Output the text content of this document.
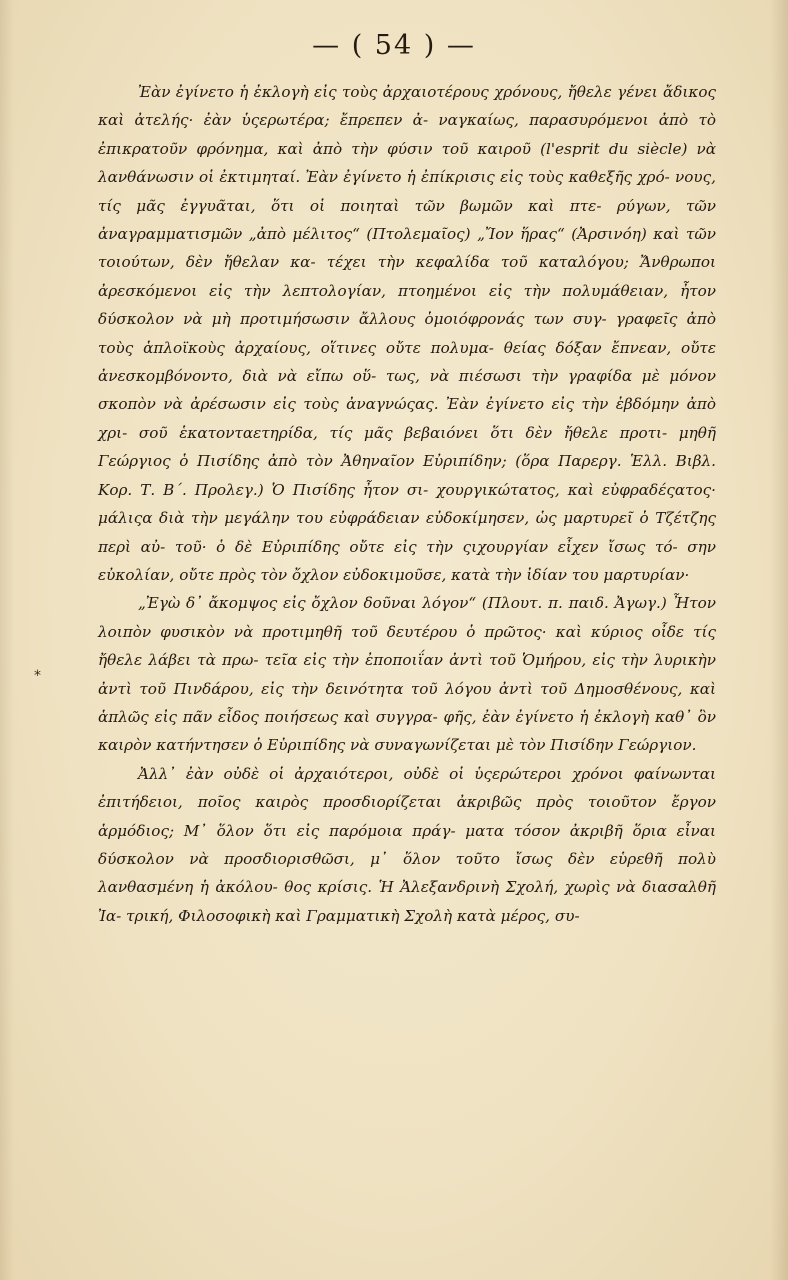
— ( 54 ) —
*

Ἐὰν ἐγίνετο ἡ ἐκλογὴ εἰς τοὺς ἀρχαιοτέρους χρόνους, ἤθελε γένει ἄδικος καὶ ἀτελής· ἐὰν ὑςερωτέρα; ἔπρεπεν ἀ- ναγκαίως, παρασυρόμενοι ἀπὸ τὸ ἐπικρατοῦν φρόνημα, καὶ ἀπὸ τὴν φύσιν τοῦ καιροῦ (l'esprit du siècle) νὰ λανθάνωσιν οἱ ἐκτιμηταί. Ἐὰν ἐγίνετο ἡ ἐπίκρισις εἰς τοὺς καθεξῆς χρό- νους, τίς μᾶς ἐγγυᾶται, ὅτι οἱ ποιηταὶ τῶν βωμῶν καὶ πτε- ρύγων, τῶν ἀναγραμματισμῶν „ἀπὸ μέλιτος“ (Πτολεμαῖος) „Ἴον ἥρας“ (Ἀρσινόη) καὶ τῶν τοιούτων, δὲν ἤθελαν κα- τέχει τὴν κεφαλίδα τοῦ καταλόγου; Ἄνθρωποι ἀρεσκόμενοι εἰς τὴν λεπτολογίαν, πτοημένοι εἰς τὴν πολυμάθειαν, ἦτον δύσκολον νὰ μὴ προτιμήσωσιν ἄλλους ὁμοιόφρονάς των συγ- γραφεῖς ἀπὸ τοὺς ἁπλοϊκοὺς ἀρχαίους, οἵτινες οὔτε πολυμα- θείας δόξαν ἔπνεαν, οὔτε ἀνεσκομβόνοντο, διὰ νὰ εἴπω οὕ- τως, νὰ πιέσωσι τὴν γραφίδα μὲ μόνον σκοπὸν νὰ ἀρέσωσιν εἰς τοὺς ἀναγνώςας. Ἐὰν ἐγίνετο εἰς τὴν ἑβδόμην ἀπὸ χρι- σοῦ ἑκατονταετηρίδα, τίς μᾶς βεβαιόνει ὅτι δὲν ἤθελε προτι- μηθῆ Γεώργιος ὁ Πισίδης ἀπὸ τὸν Ἀθηναῖον Εὐριπίδην; (ὅρα Παρεργ. Ἑλλ. Βιβλ. Κορ. Τ. Β΄. Προλεγ.) Ὁ Πισίδης ἦτον σι- χουργικώτατος, καὶ εὐφραδέςατος· μάλιςα διὰ τὴν μεγάλην του εὐφράδειαν εὐδοκίμησεν, ὡς μαρτυρεῖ ὁ Τζέτζης περὶ αὐ- τοῦ· ὁ δὲ Εὐριπίδης οὔτε εἰς τὴν ςιχουργίαν εἶχεν ἴσως τό- σην εὐκολίαν, οὔτε πρὸς τὸν ὄχλον εὐδοκιμοῦσε, κατὰ τὴν ἰδίαν του μαρτυρίαν·

„Ἐγὼ δ᾽ ἄκομψος εἰς ὄχλον δοῦναι λόγον“ (Πλουτ. π. παιδ. Ἀγωγ.) Ἦτον λοιπὸν φυσικὸν νὰ προτιμηθῆ τοῦ δευτέρου ὁ πρῶτος· καὶ κύριος οἶδε τίς ἤθελε λάβει τὰ πρω- τεῖα εἰς τὴν ἐποποιΐαν ἀντὶ τοῦ Ὁμήρου, εἰς τὴν λυρικὴν ἀντὶ τοῦ Πινδάρου, εἰς τὴν δεινότητα τοῦ λόγου ἀντὶ τοῦ Δημοσθένους, καὶ ἁπλῶς εἰς πᾶν εἶδος ποιήσεως καὶ συγγρα- φῆς, ἐὰν ἐγίνετο ἡ ἐκλογὴ καθ᾽ ὃν καιρὸν κατήντησεν ὁ Εὐριπίδης νὰ συναγωνίζεται μὲ τὸν Πισίδην Γεώργιον.

Ἀλλ᾽ ἐὰν οὐδὲ οἱ ἀρχαιότεροι, οὐδὲ οἱ ὑςερώτεροι χρόνοι φαίνωνται ἐπιτήδειοι, ποῖος καιρὸς προσδιορίζεται ἀκριβῶς πρὸς τοιοῦτον ἔργον ἁρμόδιος; Μ᾽ ὅλον ὅτι εἰς παρόμοια πράγ- ματα τόσον ἀκριβῆ ὅρια εἶναι δύσκολον νὰ προσδιορισθῶσι, μ᾽ ὅλον τοῦτο ἴσως δὲν εὑρεθῆ πολὺ λανθασμένη ἡ ἀκόλου- θος κρίσις. Ἡ Ἀλεξανδρινὴ Σχολή, χωρὶς νὰ διασαλθῆ Ἰα- τρική, Φιλοσοφικὴ καὶ Γραμματικὴ Σχολὴ κατὰ μέρος, συ-
